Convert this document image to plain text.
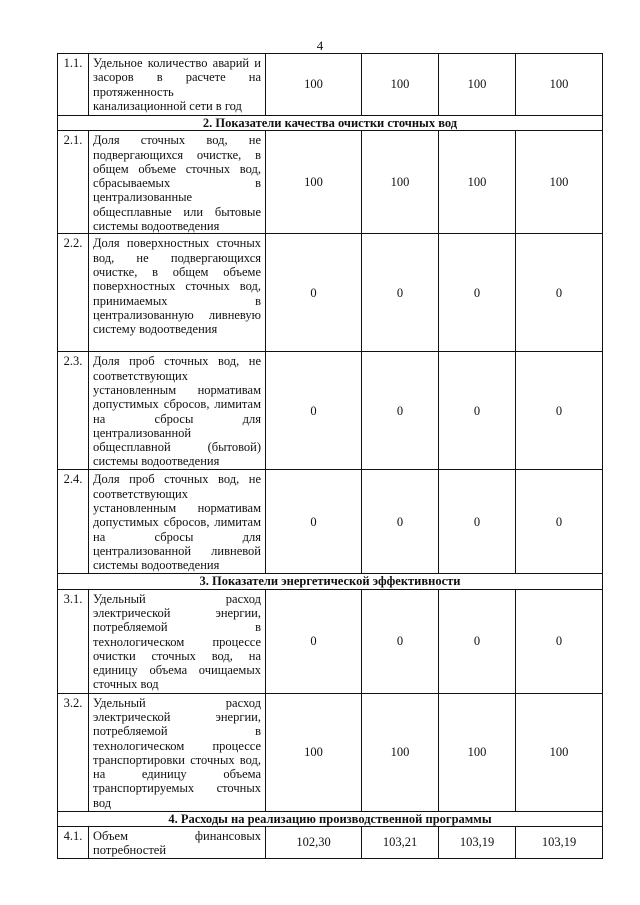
4
1.1.	Удельное количество аварий и засоров в расчете на протяженность канализационной сети в год	100	100	100	100
2. Показатели качества очистки сточных вод					
2.1.	Доля сточных вод, не подвергающихся очистке, в общем объеме сточных вод, сбрасываемых в централизованные общесплавные или бытовые системы водоотведения	100	100	100	100
2.2.	Доля поверхностных сточных вод, не подвергающихся очистке, в общем объеме поверхностных сточных вод, принимаемых в централизованную ливневую систему водоотведения	0	0	0	0
2.3.	Доля проб сточных вод, не соответствующих установленным нормативам допустимых сбросов, лимитам на сбросы для централизованной общесплавной (бытовой) системы водоотведения	0	0	0	0
2.4.	Доля проб сточных вод, не соответствующих установленным нормативам допустимых сбросов, лимитам на сбросы для централизованной ливневой системы водоотведения	0	0	0	0
3. Показатели энергетической эффективности					
3.1.	Удельный расход электрической энергии, потребляемой в технологическом процессе очистки сточных вод, на единицу объема очищаемых сточных вод	0	0	0	0
3.2.	Удельный расход электрической энергии, потребляемой в технологическом процессе транспортировки сточных вод, на единицу объема транспортируемых сточных вод	100	100	100	100
4. Расходы на реализацию производственной программы					
4.1.	Объем финансовых потребностей	102,30	103,21	103,19	103,19
